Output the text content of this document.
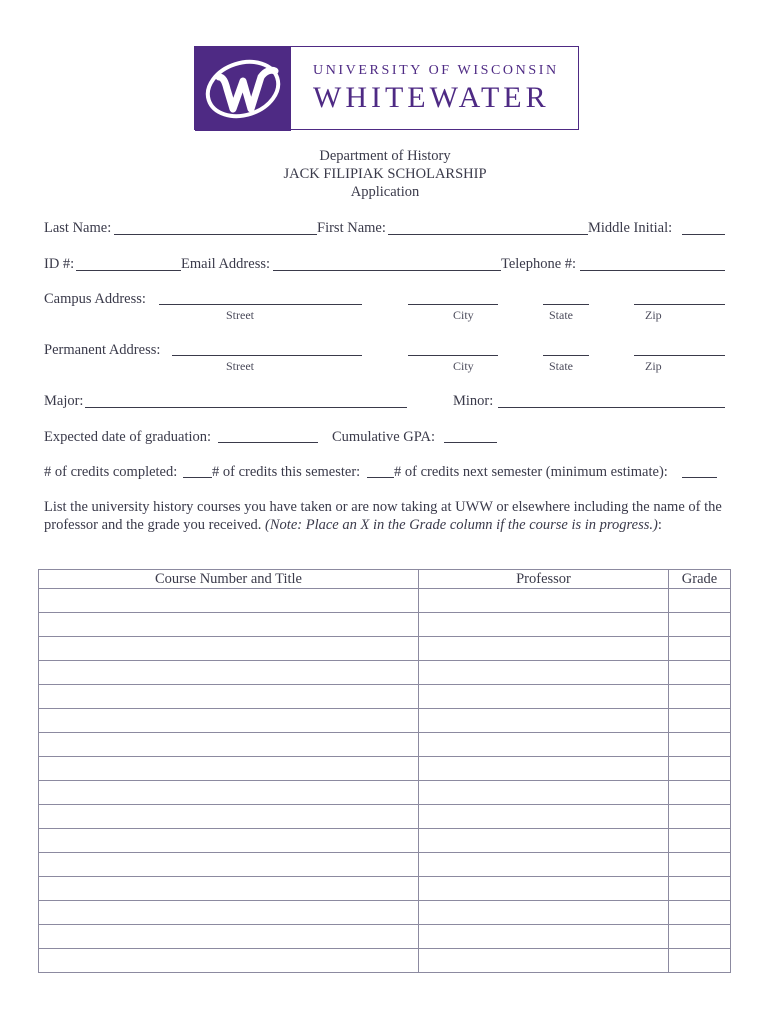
UNIVERSITY OF WISCONSIN
WHITEWATER
Department of History
JACK FILIPIAK SCHOLARSHIP
Application
Last Name:	First Name:	Middle Initial:
ID #:	Email Address:	Telephone #:
Campus Address:
Street	City	State	Zip
Permanent Address:
Street	City	State	Zip
Major:	Minor:
Expected date of graduation:	Cumulative GPA:
# of credits completed: # of credits this semester: # of credits next semester (minimum estimate):
List the university history courses you have taken or are now taking at UWW or elsewhere including the name of the professor and the grade you received. (Note: Place an X in the Grade column if the course is in progress.):
Course Number and Title	Professor	Grade
